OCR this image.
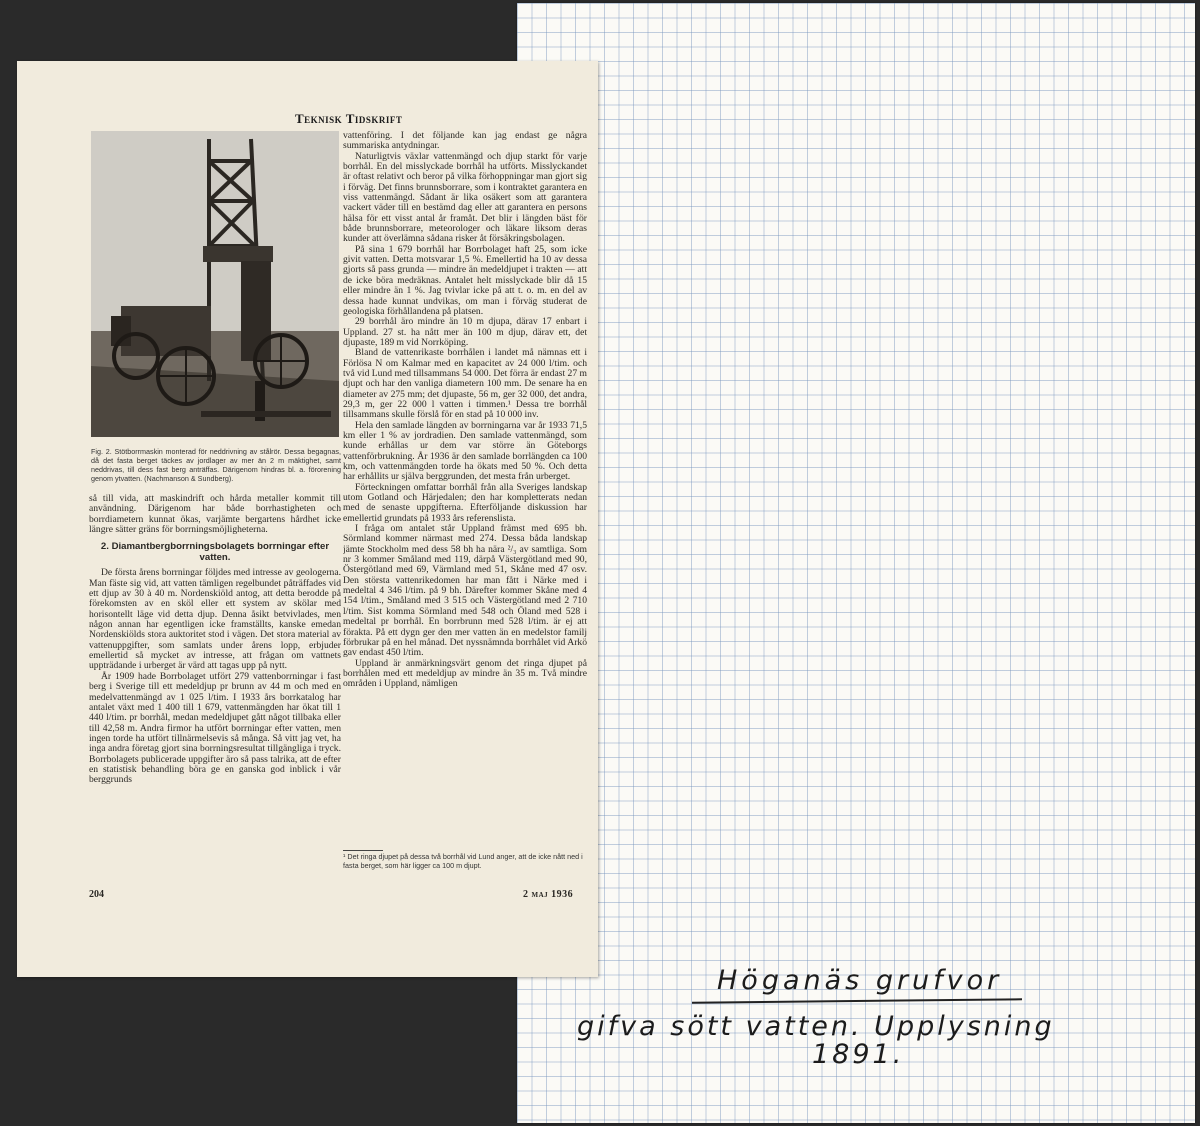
Höganäs grufvor
gifva sött vatten. Upplysning
1891.
Teknisk Tidskrift
Fig. 2. Stötborrmaskin monterad för neddrivning av stålrör. Dessa begagnas, då det fasta berget täckes av jordlager av mer än 2 m mäktighet, samt neddrivas, till dess fast berg anträffas. Därigenom hindras bl. a. förorening genom ytvatten. (Nachmanson & Sundberg).

så till vida, att maskindrift och hårda metaller kommit till användning. Därigenom har både borrhastigheten och borrdiametern kunnat ökas, varjämte bergartens hårdhet icke längre sätter gräns för borrningsmöjligheterna.

2. Diamantbergborrningsbolagets borrningar efter vatten.

De första årens borrningar följdes med intresse av geologerna. Man fäste sig vid, att vatten tämligen regelbundet påträffades vid ett djup av 30 à 40 m. Nordenskiöld antog, att detta berodde på förekomsten av en sköl eller ett system av skölar med horisontellt läge vid detta djup. Denna åsikt betvivlades, men någon annan har egentligen icke framställts, kanske emedan Nordenskiölds stora auktoritet stod i vägen. Det stora material av vattenuppgifter, som samlats under årens lopp, erbjuder emellertid så mycket av intresse, att frågan om vattnets uppträdande i urberget är värd att tagas upp på nytt.

År 1909 hade Borrbolaget utfört 279 vattenborrningar i fast berg i Sverige till ett medeldjup pr brunn av 44 m och med en medelvattenmängd av 1 025 l/tim. I 1933 års borrkatalog har antalet växt med 1 400 till 1 679, vattenmängden har ökat till 1 440 l/tim. pr borrhål, medan medeldjupet gått något tillbaka eller till 42,58 m. Andra firmor ha utfört borrningar efter vatten, men ingen torde ha utfört tillnärmelsevis så många. Så vitt jag vet, ha inga andra företag gjort sina borrningsresultat tillgängliga i tryck. Borrbolagets publicerade uppgifter äro så pass talrika, att de efter en statistisk behandling böra ge en ganska god inblick i vår berggrunds

vattenföring. I det följande kan jag endast ge några summariska antydningar.

Naturligtvis växlar vattenmängd och djup starkt för varje borrhål. En del misslyckade borrhål ha utförts. Misslyckandet är oftast relativt och beror på vilka förhoppningar man gjort sig i förväg. Det finns brunnsborrare, som i kontraktet garantera en viss vattenmängd. Sådant är lika osäkert som att garantera vackert väder till en bestämd dag eller att garantera en persons hälsa för ett visst antal år framåt. Det blir i längden bäst för både brunnsborrare, meteorologer och läkare liksom deras kunder att överlämna sådana risker åt försäkringsbolagen.

På sina 1 679 borrhål har Borrbolaget haft 25, som icke givit vatten. Detta motsvarar 1,5 %. Emellertid ha 10 av dessa gjorts så pass grunda — mindre än medeldjupet i trakten — att de icke böra medräknas. Antalet helt misslyckade blir då 15 eller mindre än 1 %. Jag tvivlar icke på att t. o. m. en del av dessa hade kunnat undvikas, om man i förväg studerat de geologiska förhållandena på platsen.

29 borrhål äro mindre än 10 m djupa, därav 17 enbart i Uppland. 27 st. ha nått mer än 100 m djup, därav ett, det djupaste, 189 m vid Norrköping.

Bland de vattenrikaste borrhålen i landet må nämnas ett i Förlösa N om Kalmar med en kapacitet av 24 000 l/tim. och två vid Lund med tillsammans 54 000. Det förra är endast 27 m djupt och har den vanliga diametern 100 mm. De senare ha en diameter av 275 mm; det djupaste, 56 m, ger 32 000, det andra, 29,3 m, ger 22 000 l vatten i timmen.¹ Dessa tre borrhål tillsammans skulle förslå för en stad på 10 000 inv.

Hela den samlade längden av borrningarna var år 1933 71,5 km eller 1 % av jordradien. Den samlade vattenmängd, som kunde erhållas ur dem var större än Göteborgs vattenförbrukning. År 1936 är den samlade borrlängden ca 100 km, och vattenmängden torde ha ökats med 50 %. Och detta har erhållits ur själva berggrunden, det mesta från urberget.

Förteckningen omfattar borrhål från alla Sveriges landskap utom Gotland och Härjedalen; den har kompletterats nedan med de senaste uppgifterna. Efterföljande diskussion har emellertid grundats på 1933 års referenslista.

I fråga om antalet står Uppland främst med 695 bh. Sörmland kommer närmast med 274. Dessa båda landskap jämte Stockholm med dess 58 bh ha nära ²/₃ av samtliga. Som nr 3 kommer Småland med 119, därpå Västergötland med 90, Östergötland med 69, Värmland med 51, Skåne med 47 osv. Den största vattenrikedomen har man fått i Närke med i medeltal 4 346 l/tim. på 9 bh. Därefter kommer Skåne med 4 154 l/tim., Småland med 3 515 och Västergötland med 2 710 l/tim. Sist komma Sörmland med 548 och Öland med 528 i medeltal pr borrhål. En borrbrunn med 528 l/tim. är ej att förakta. På ett dygn ger den mer vatten än en medelstor familj förbrukar på en hel månad. Det nyssnämnda borrhålet vid Arkö gav endast 450 l/tim.

Uppland är anmärkningsvärt genom det ringa djupet på borrhålen med ett medeldjup av mindre än 35 m. Två mindre områden i Uppland, nämligen

¹ Det ringa djupet på dessa två borrhål vid Lund anger, att de icke nått ned i fasta berget, som här ligger ca 100 m djupt.
204	2 maj 1936
